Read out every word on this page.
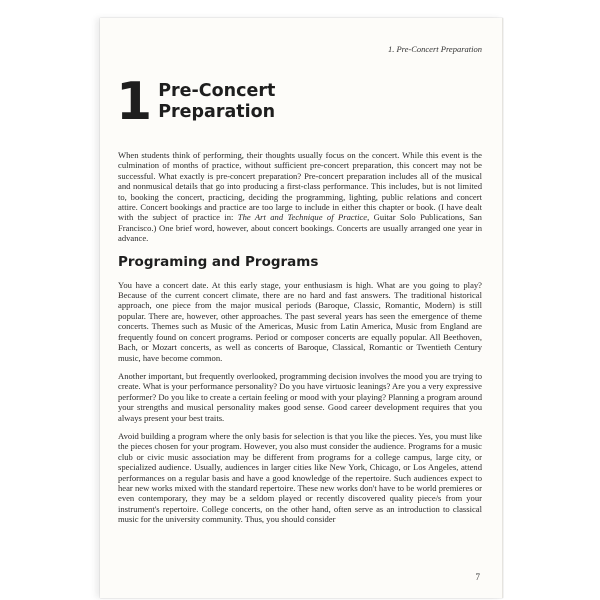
1. Pre-Concert Preparation
1 Pre-Concert
Preparation

When students think of performing, their thoughts usually focus on the concert. While this event is the culmination of months of practice, without sufficient pre-concert preparation, this concert may not be successful. What exactly is pre-concert preparation? Pre-concert preparation includes all of the musical and nonmusical details that go into producing a first-class performance. This includes, but is not limited to, booking the concert, practicing, deciding the programming, lighting, public relations and concert attire. Concert bookings and practice are too large to include in either this chapter or book. (I have dealt with the subject of practice in: The Art and Technique of Practice, Guitar Solo Publications, San Francisco.) One brief word, however, about concert bookings. Concerts are usually arranged one year in advance.

Programing and Programs

You have a concert date. At this early stage, your enthusiasm is high. What are you going to play? Because of the current concert climate, there are no hard and fast answers. The traditional historical approach, one piece from the major musical periods (Baroque, Classic, Romantic, Modern) is still popular. There are, however, other approaches. The past several years has seen the emergence of theme concerts. Themes such as Music of the Americas, Music from Latin America, Music from England are frequently found on concert programs. Period or composer concerts are equally popular. All Beethoven, Bach, or Mozart concerts, as well as concerts of Baroque, Classical, Romantic or Twentieth Century music, have become common.

Another important, but frequently overlooked, programming decision involves the mood you are trying to create. What is your performance personality? Do you have virtuosic leanings? Are you a very expressive performer? Do you like to create a certain feeling or mood with your playing? Planning a program around your strengths and musical personality makes good sense. Good career development requires that you always present your best traits.

Avoid building a program where the only basis for selection is that you like the pieces. Yes, you must like the pieces chosen for your program. However, you also must consider the audience. Programs for a music club or civic music association may be different from programs for a college campus, large city, or specialized audience. Usually, audiences in larger cities like New York, Chicago, or Los Angeles, attend performances on a regular basis and have a good knowledge of the repertoire. Such audiences expect to hear new works mixed with the standard repertoire. These new works don't have to be world premieres or even contemporary, they may be a seldom played or recently discovered quality piece/s from your instrument's repertoire. College concerts, on the other hand, often serve as an introduction to classical music for the university community. Thus, you should consider

7
